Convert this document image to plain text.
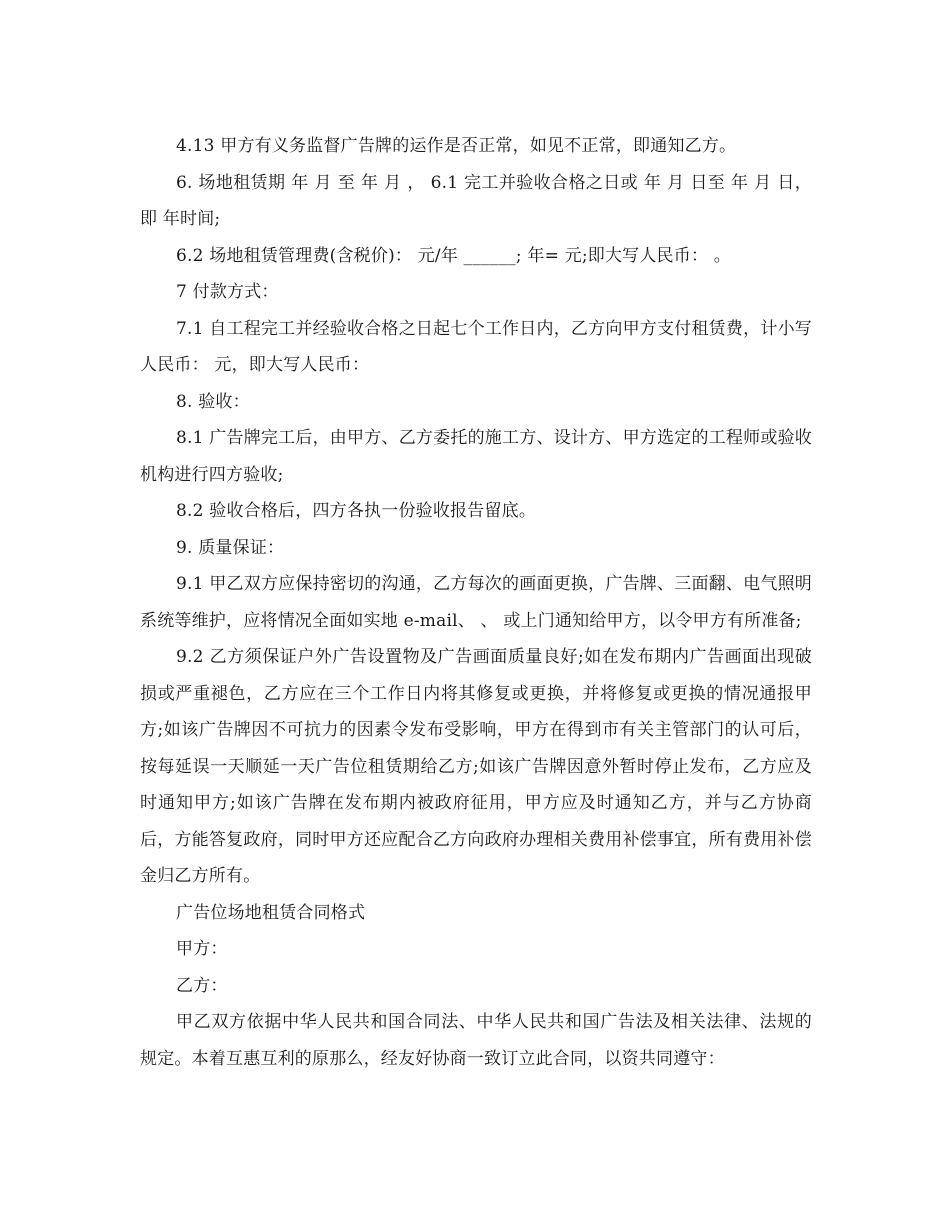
4.13 甲方有义务监督广告牌的运作是否正常，如见不正常，即通知乙方。

6. 场地租赁期 年 月 至 年 月 ， 6.1 完工并验收合格之日或 年 月 日至 年 月 日，即 年时间;

6.2 场地租赁管理费(含税价)： 元/年 ______; 年= 元;即大写人民币： 。

7 付款方式：

7.1 自工程完工并经验收合格之日起七个工作日内，乙方向甲方支付租赁费，计小写人民币： 元，即大写人民币：

8. 验收：

8.1 广告牌完工后，由甲方、乙方委托的施工方、设计方、甲方选定的工程师或验收机构进行四方验收;

8.2 验收合格后，四方各执一份验收报告留底。

9. 质量保证：

9.1 甲乙双方应保持密切的沟通，乙方每次的画面更换，广告牌、三面翻、电气照明系统等维护，应将情况全面如实地 e-mail、 、 或上门通知给甲方，以令甲方有所准备;

9.2 乙方须保证户外广告设置物及广告画面质量良好;如在发布期内广告画面出现破损或严重褪色，乙方应在三个工作日内将其修复或更换，并将修复或更换的情况通报甲方;如该广告牌因不可抗力的因素令发布受影响，甲方在得到市有关主管部门的认可后，按每延误一天顺延一天广告位租赁期给乙方;如该广告牌因意外暂时停止发布，乙方应及时通知甲方;如该广告牌在发布期内被政府征用，甲方应及时通知乙方，并与乙方协商后，方能答复政府，同时甲方还应配合乙方向政府办理相关费用补偿事宜，所有费用补偿金归乙方所有。

广告位场地租赁合同格式

甲方：

乙方：

甲乙双方依据中华人民共和国合同法、中华人民共和国广告法及相关法律、法规的规定。本着互惠互利的原那么，经友好协商一致订立此合同，以资共同遵守：
